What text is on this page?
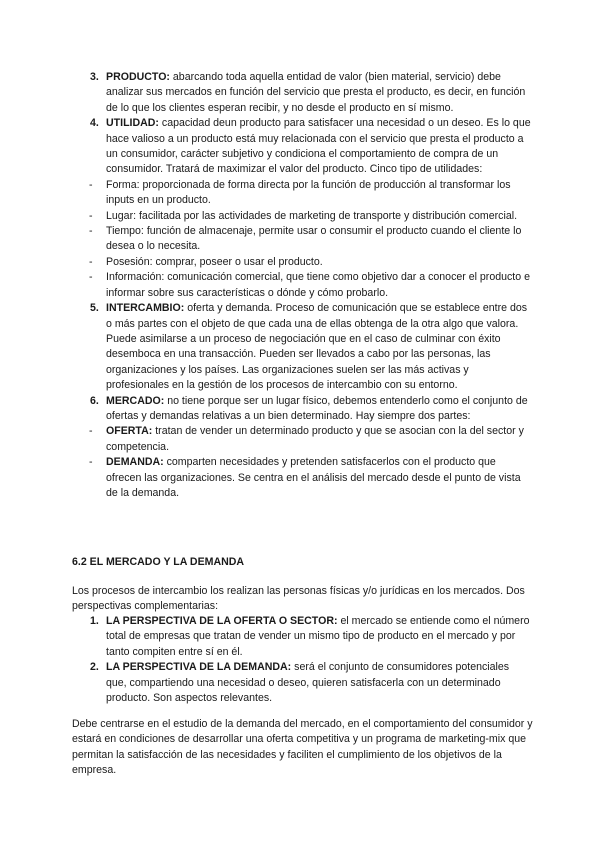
3. PRODUCTO: abarcando toda aquella entidad de valor (bien material, servicio) debe analizar sus mercados en función del servicio que presta el producto, es decir, en función de lo que los clientes esperan recibir, y no desde el producto en sí mismo.
4. UTILIDAD: capacidad deun producto para satisfacer una necesidad o un deseo. Es lo que hace valioso a un producto está muy relacionada con el servicio que presta el producto a un consumidor, carácter subjetivo y condiciona el comportamiento de compra de un consumidor. Tratará de maximizar el valor del producto. Cinco tipo de utilidades:
- Forma: proporcionada de forma directa por la función de producción al transformar los inputs en un producto.
- Lugar: facilitada por las actividades de marketing de transporte y distribución comercial.
- Tiempo: función de almacenaje, permite usar o consumir el producto cuando el cliente lo desea o lo necesita.
- Posesión: comprar, poseer o usar el producto.
- Información: comunicación comercial, que tiene como objetivo dar a conocer el producto e informar sobre sus características o dónde y cómo probarlo.
5. INTERCAMBIO: oferta y demanda. Proceso de comunicación que se establece entre dos o más partes con el objeto de que cada una de ellas obtenga de la otra algo que valora. Puede asimilarse a un proceso de negociación que en el caso de culminar con éxito desemboca en una transacción. Pueden ser llevados a cabo por las personas, las organizaciones y los países. Las organizaciones suelen ser las más activas y profesionales en la gestión de los procesos de intercambio con su entorno.
6. MERCADO: no tiene porque ser un lugar físico, debemos entenderlo como el conjunto de ofertas y demandas relativas a un bien determinado. Hay siempre dos partes:
- OFERTA: tratan de vender un determinado producto y que se asocian con la del sector y competencia.
- DEMANDA: comparten necesidades y pretenden satisfacerlos con el producto que ofrecen las organizaciones. Se centra en el análisis del mercado desde el punto de vista de la demanda.
6.2 EL MERCADO Y LA DEMANDA

Los procesos de intercambio los realizan las personas físicas y/o jurídicas en los mercados. Dos perspectivas complementarias:

1. LA PERSPECTIVA DE LA OFERTA O SECTOR: el mercado se entiende como el número total de empresas que tratan de vender un mismo tipo de producto en el mercado y por tanto compiten entre sí en él.
2. LA PERSPECTIVA DE LA DEMANDA: será el conjunto de consumidores potenciales que, compartiendo una necesidad o deseo, quieren satisfacerla con un determinado producto. Son aspectos relevantes.

Debe centrarse en el estudio de la demanda del mercado, en el comportamiento del consumidor y estará en condiciones de desarrollar una oferta competitiva y un programa de marketing-mix que permitan la satisfacción de las necesidades y faciliten el cumplimiento de los objetivos de la empresa.
